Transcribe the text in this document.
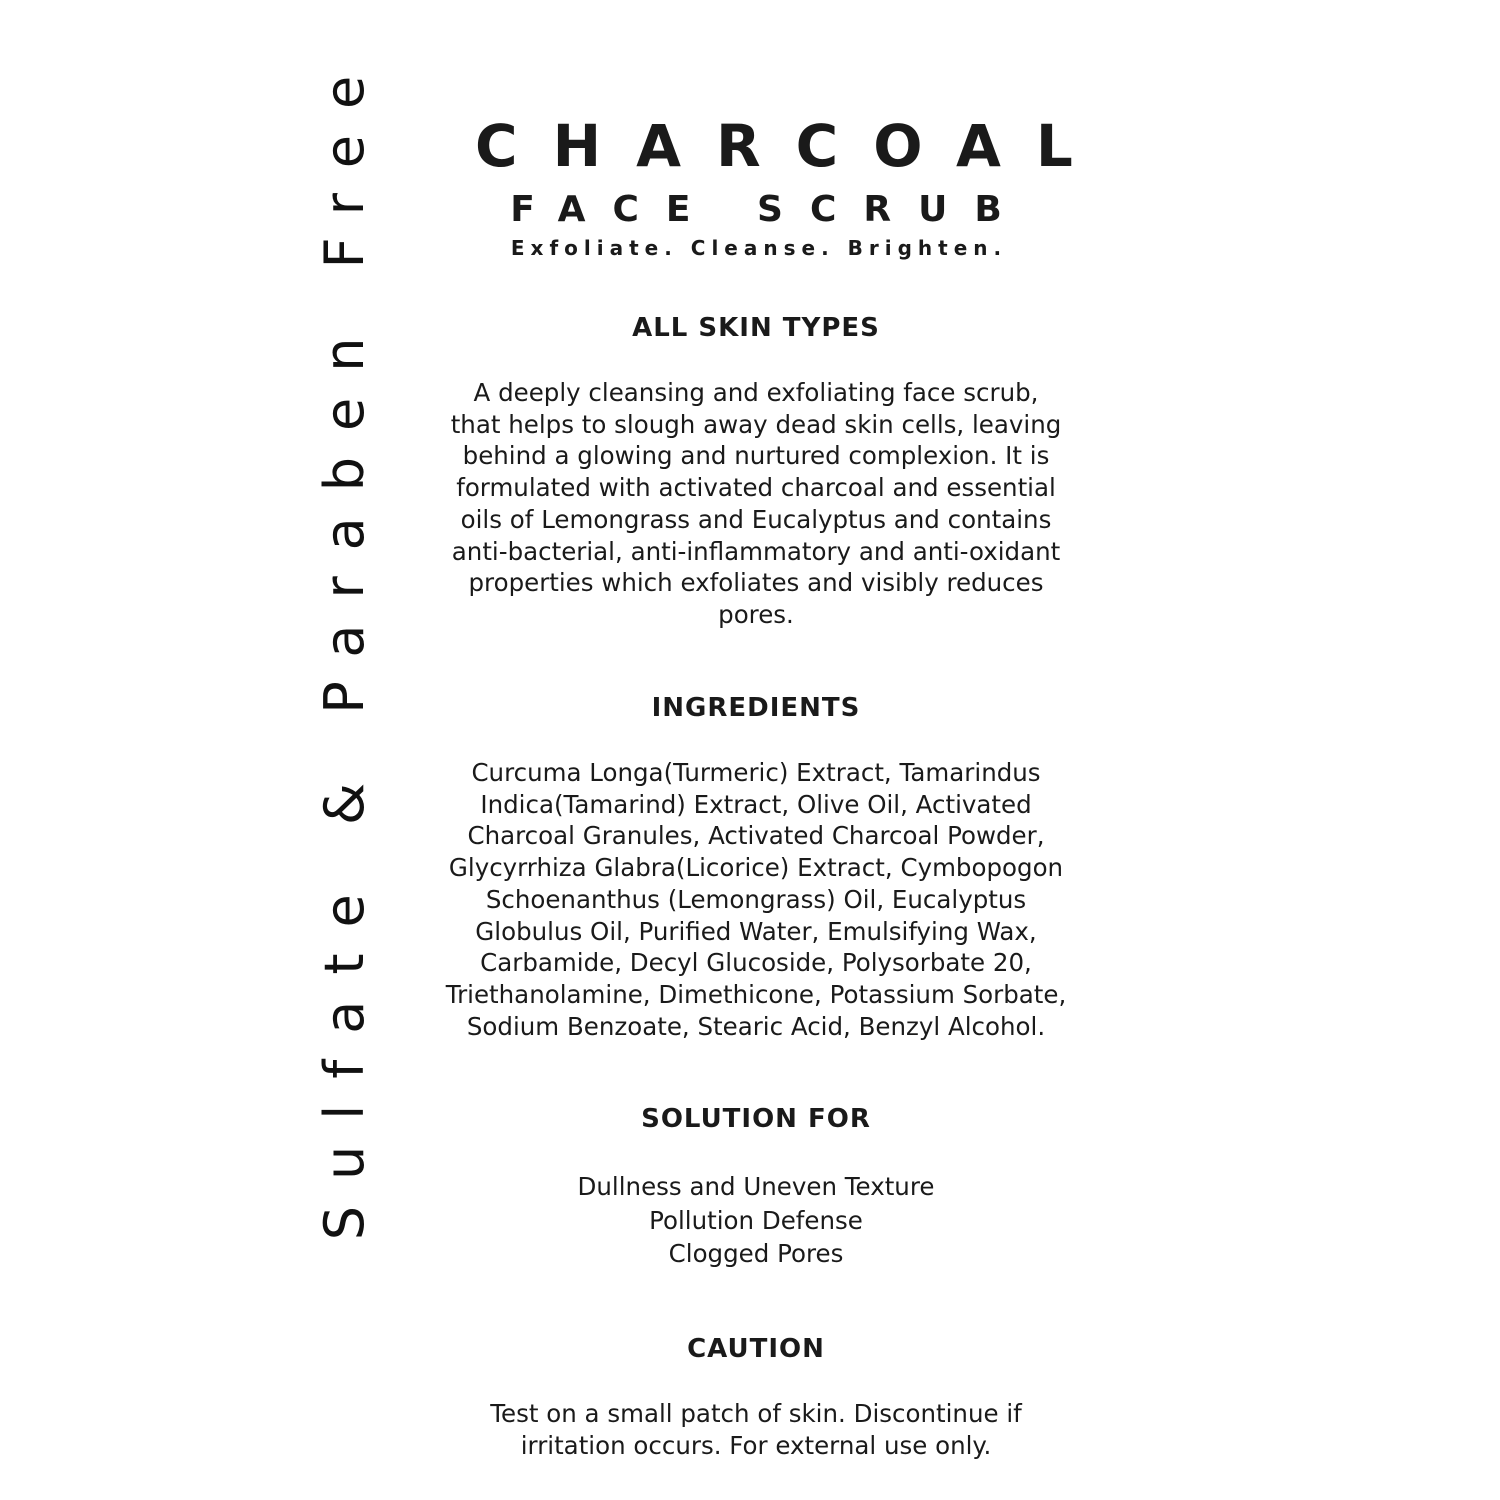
Sulfate & Paraben Free	CHARCOAL
FACE SCRUB
Exfoliate. Cleanse. Brighten.
ALL SKIN TYPES
A deeply cleansing and exfoliating face scrub, that helps to slough away dead skin cells, leaving behind a glowing and nurtured complexion. It is formulated with activated charcoal and essential oils of Lemongrass and Eucalyptus and contains anti-bacterial, anti-inflammatory and anti-oxidant properties which exfoliates and visibly reduces pores.
INGREDIENTS
Curcuma Longa(Turmeric) Extract, Tamarindus Indica(Tamarind) Extract, Olive Oil, Activated Charcoal Granules, Activated Charcoal Powder, Glycyrrhiza Glabra(Licorice) Extract, Cymbopogon Schoenanthus (Lemongrass) Oil, Eucalyptus Globulus Oil, Purified Water, Emulsifying Wax, Carbamide, Decyl Glucoside, Polysorbate 20, Triethanolamine, Dimethicone, Potassium Sorbate, Sodium Benzoate, Stearic Acid, Benzyl Alcohol.
SOLUTION FOR
Dullness and Uneven Texture
Pollution Defense
Clogged Pores
CAUTION
Test on a small patch of skin. Discontinue if irritation occurs. For external use only.
